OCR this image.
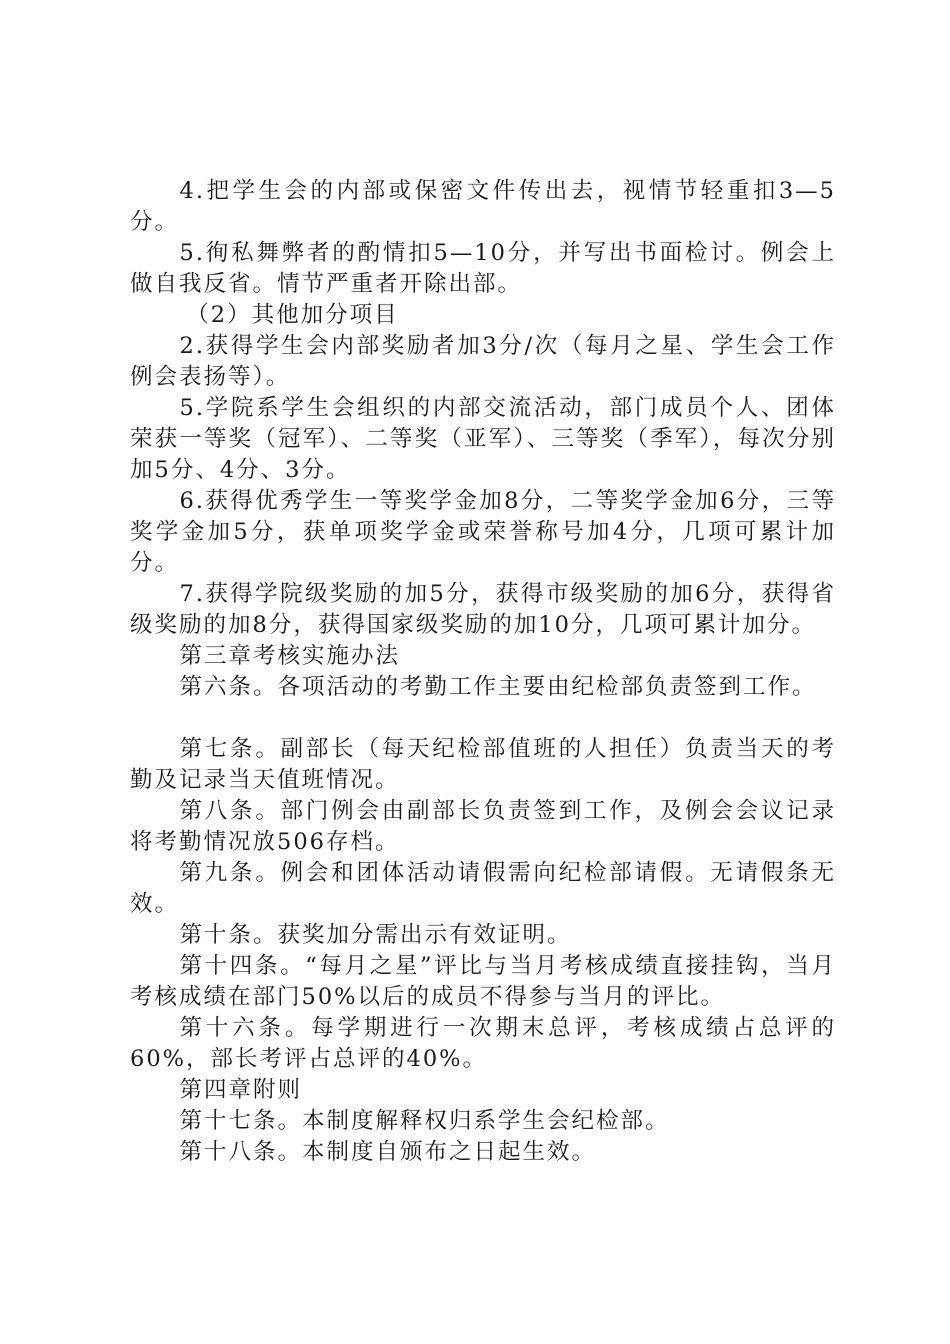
4.把学生会的内部或保密文件传出去，视情节轻重扣3—5分。

5.徇私舞弊者的酌情扣5—10分，并写出书面检讨。例会上做自我反省。情节严重者开除出部。

（2）其他加分项目

2.获得学生会内部奖励者加3分/次（每月之星、学生会工作例会表扬等）。

5.学院系学生会组织的内部交流活动，部门成员个人、团体荣获一等奖（冠军）、二等奖（亚军）、三等奖（季军），每次分别加5分、4分、3分。

6.获得优秀学生一等奖学金加8分，二等奖学金加6分，三等奖学金加5分，获单项奖学金或荣誉称号加4分，几项可累计加分。

7.获得学院级奖励的加5分，获得市级奖励的加6分，获得省级奖励的加8分，获得国家级奖励的加10分，几项可累计加分。

第三章考核实施办法

第六条。各项活动的考勤工作主要由纪检部负责签到工作。

第七条。副部长（每天纪检部值班的人担任）负责当天的考勤及记录当天值班情况。

第八条。部门例会由副部长负责签到工作，及例会会议记录将考勤情况放506存档。

第九条。例会和团体活动请假需向纪检部请假。无请假条无效。

第十条。获奖加分需出示有效证明。

第十四条。“每月之星”评比与当月考核成绩直接挂钩，当月考核成绩在部门50%以后的成员不得参与当月的评比。

第十六条。每学期进行一次期末总评，考核成绩占总评的60%，部长考评占总评的40%。

第四章附则

第十七条。本制度解释权归系学生会纪检部。

第十八条。本制度自颁布之日起生效。
